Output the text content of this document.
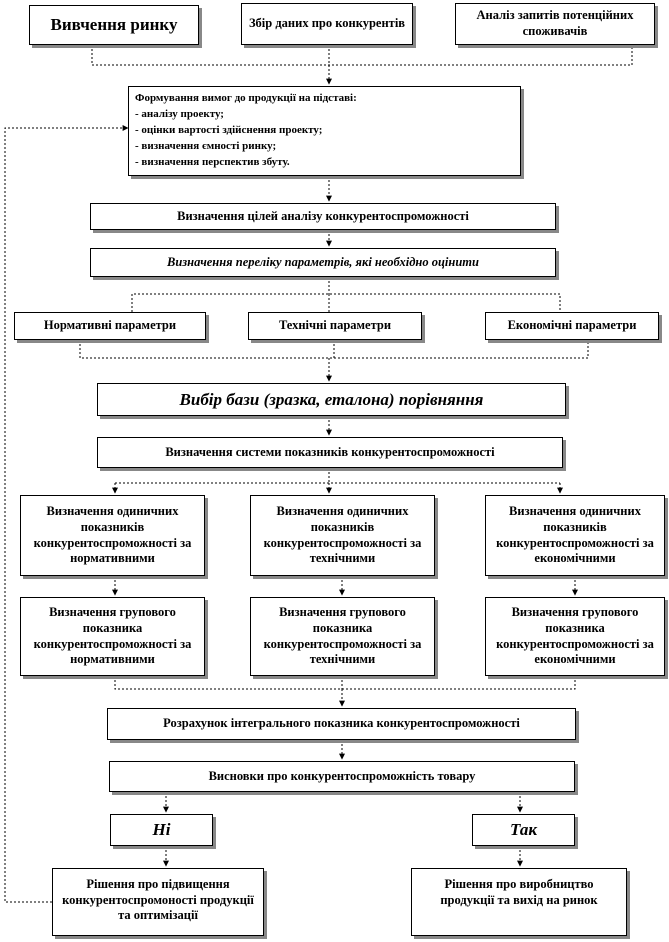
Вивчення ринку	Збір даних про конкурентів
Аналіз запитів потенційних споживачів
Формування вимог до продукції на підставі:
- аналізу проекту;
- оцінки вартості здійснення проекту;
- визначення ємності ринку;
- визначення перспектив збуту.
Визначення цілей аналізу конкурентоспроможності
Визначення переліку параметрів, які необхідно оцінити
Нормативні параметри	Технічні параметри	Економічні параметри
Вибір бази (зразка, еталона) порівняння
Визначення системи показників конкурентоспроможності
Визначення одиничних показників конкурентоспроможності за нормативними
Визначення одиничних показників конкурентоспроможності за технічними
Визначення одиничних показників конкурентоспроможності за економічними
Визначення групового показника конкурентоспроможності за нормативними
Визначення групового показника конкурентоспроможності за технічними
Визначення групового показника конкурентоспроможності за економічними
Розрахунок інтегрального показника конкурентоспроможності
Висновки про конкурентоспроможність товару
Ні	Так
Рішення про підвищення конкурентоспромоності продукції та оптимізації
Рішення про виробництво продукції та вихід на ринок
